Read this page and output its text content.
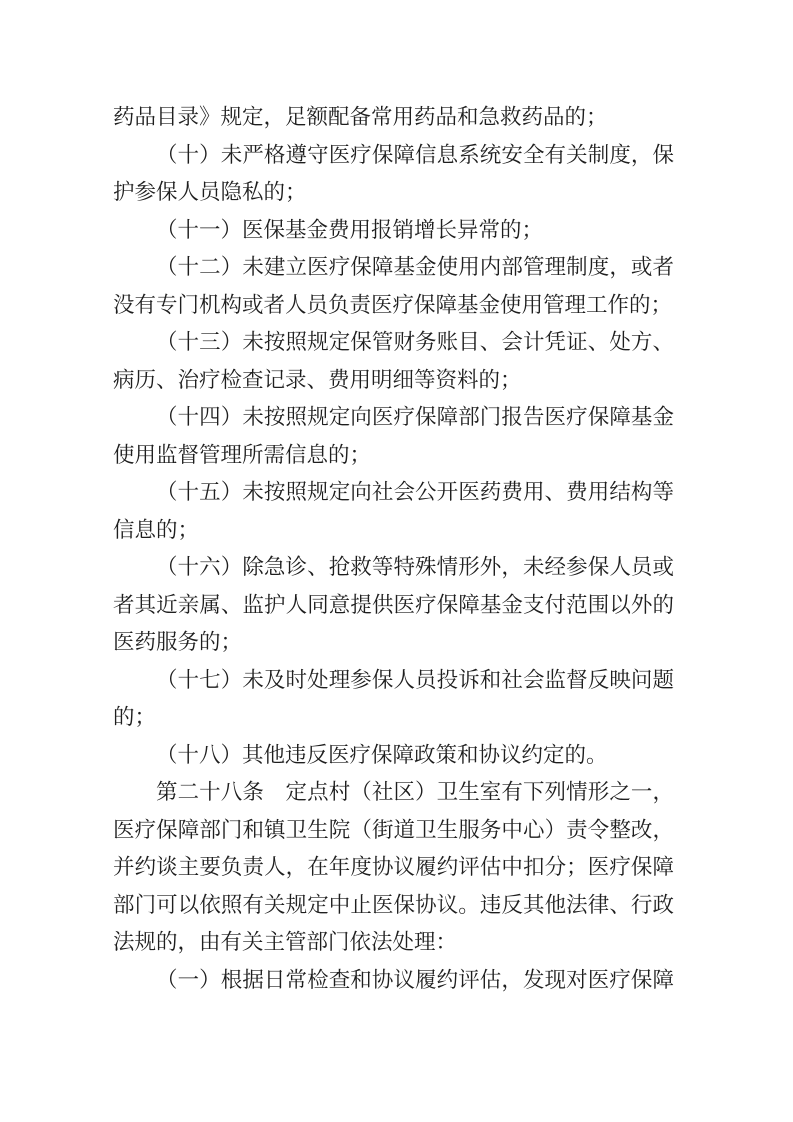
药品目录》规定，足额配备常用药品和急救药品的；
（十）未严格遵守医疗保障信息系统安全有关制度，保
护参保人员隐私的；
（十一）医保基金费用报销增长异常的；
（十二）未建立医疗保障基金使用内部管理制度，或者
没有专门机构或者人员负责医疗保障基金使用管理工作的；
（十三）未按照规定保管财务账目、会计凭证、处方、
病历、治疗检查记录、费用明细等资料的；
（十四）未按照规定向医疗保障部门报告医疗保障基金
使用监督管理所需信息的；
（十五）未按照规定向社会公开医药费用、费用结构等
信息的；
（十六）除急诊、抢救等特殊情形外，未经参保人员或
者其近亲属、监护人同意提供医疗保障基金支付范围以外的
医药服务的；
（十七）未及时处理参保人员投诉和社会监督反映问题
的；
（十八）其他违反医疗保障政策和协议约定的。
第二十八条　定点村（社区）卫生室有下列情形之一，
医疗保障部门和镇卫生院（街道卫生服务中心）责令整改，
并约谈主要负责人，在年度协议履约评估中扣分；医疗保障
部门可以依照有关规定中止医保协议。违反其他法律、行政
法规的，由有关主管部门依法处理：
（一）根据日常检查和协议履约评估，发现对医疗保障
